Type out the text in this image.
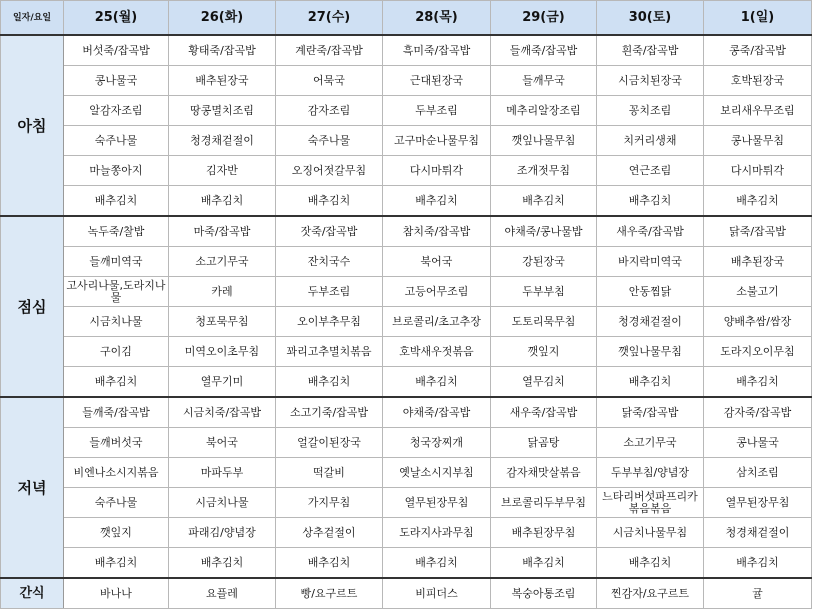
일자/요일	25(월)	26(화)	27(수)	28(목)	29(금)	30(토)	1(일)
아침	버섯죽/잡곡밥	황태죽/잡곡밥	계란죽/잡곡밥	흑미죽/잡곡밥	들깨죽/잡곡밥	흰죽/잡곡밥	콩죽/잡곡밥
	콩나물국	배추된장국	어묵국	근대된장국	들깨무국	시금치된장국	호박된장국
	알감자조림	땅콩멸치조림	감자조림	두부조림	메추리알장조림	꽁치조림	보리새우무조림
	숙주나물	청경채겉절이	숙주나물	고구마순나물무침	깻잎나물무침	치커리생채	콩나물무침
	마늘쫑아지	김자반	오징어젓갈무침	다시마튀각	조개젓무침	연근조림	다시마튀각
	배추김치	배추김치	배추김치	배추김치	배추김치	배추김치	배추김치
점심	녹두죽/찰밥	마죽/잡곡밥	잣죽/잡곡밥	참치죽/잡곡밥	야채죽/콩나물밥	새우죽/잡곡밥	닭죽/잡곡밥
	들깨미역국	소고기무국	잔치국수	북어국	강된장국	바지락미역국	배추된장국
	고사리나물,도라지나물	카레	두부조림	고등어무조림	두부부침	안동찜닭	소불고기
	시금치나물	청포묵무침	오이부추무침	브로콜리/초고추장	도토리묵무침	청경채겉절이	양배추쌈/쌈장
	구이김	미역오이초무침	꽈리고추멸치볶음	호박새우젓볶음	깻잎지	깻잎나물무침	도라지오이무침
	배추김치	열무기미	배추김치	배추김치	열무김치	배추김치	배추김치
저녁	들깨죽/잡곡밥	시금치죽/잡곡밥	소고기죽/잡곡밥	야채죽/잡곡밥	새우죽/잡곡밥	닭죽/잡곡밥	감자죽/잡곡밥
	들깨버섯국	북어국	얼갈이된장국	청국장찌개	닭곰탕	소고기무국	콩나물국
	비엔나소시지볶음	마파두부	떡갈비	옛날소시지부침	감자채맛살볶음	두부부침/양념장	삼치조림
	숙주나물	시금치나물	가지무침	열무된장무침	브로콜리두부무침	느타리버섯파프리카볶음볶음	열무된장무침
	깻잎지	파래김/양념장	상추겉절이	도라지사과무침	배추된장무침	시금치나물무침	청경채겉절이
	배추김치	배추김치	배추김치	배추김치	배추김치	배추김치	배추김치
간식	바나나	요플레	빵/요구르트	비피더스	복숭아통조림	찐감자/요구르트	귤
